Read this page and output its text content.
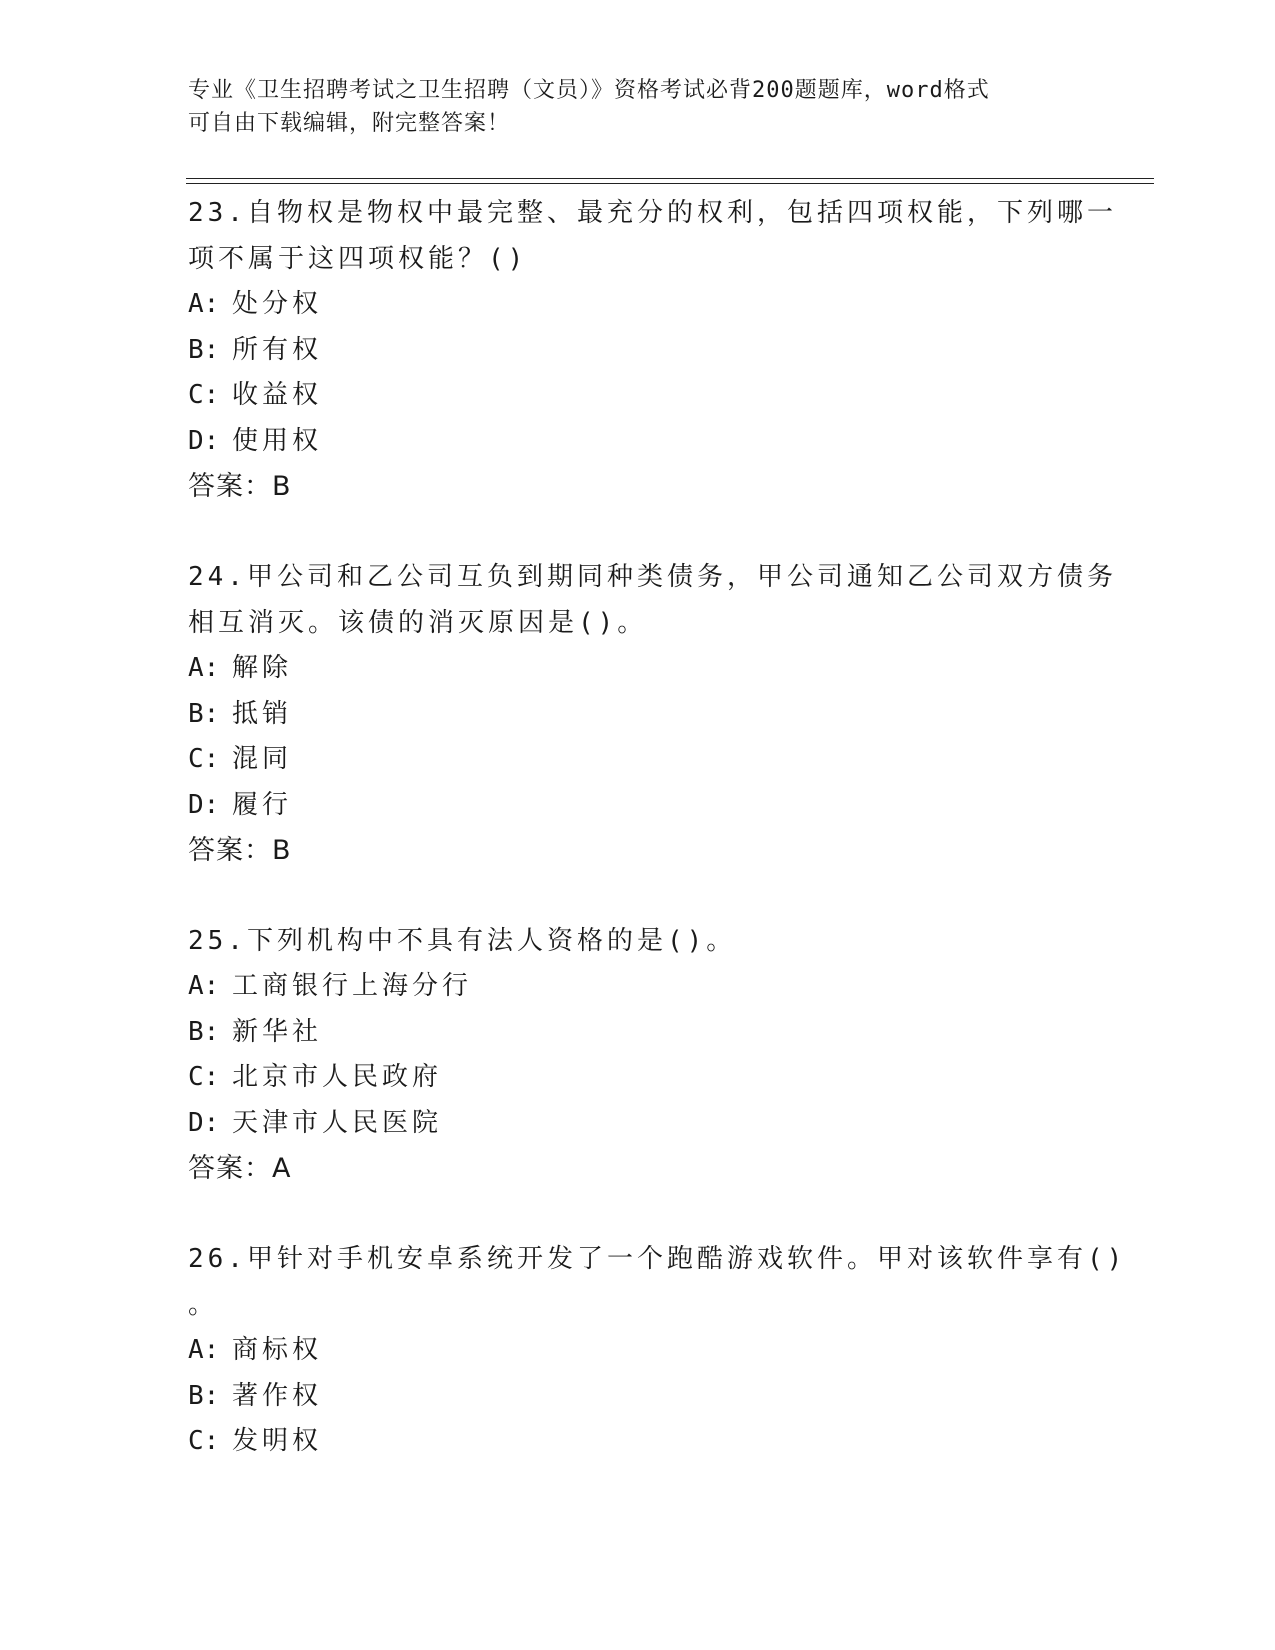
专业《卫生招聘考试之卫生招聘（文员）》资格考试必背200题题库，word格式
可自由下载编辑，附完整答案！
23.自物权是物权中最完整、最充分的权利，包括四项权能，下列哪一
项不属于这四项权能？()
A: 处分权
B: 所有权
C: 收益权
D: 使用权
答案：B
24.甲公司和乙公司互负到期同种类债务，甲公司通知乙公司双方债务
相互消灭。该债的消灭原因是()。
A: 解除
B: 抵销
C: 混同
D: 履行
答案：B
25.下列机构中不具有法人资格的是()。
A: 工商银行上海分行
B: 新华社
C: 北京市人民政府
D: 天津市人民医院
答案：A
26.甲针对手机安卓系统开发了一个跑酷游戏软件。甲对该软件享有()
。
A: 商标权
B: 著作权
C: 发明权
